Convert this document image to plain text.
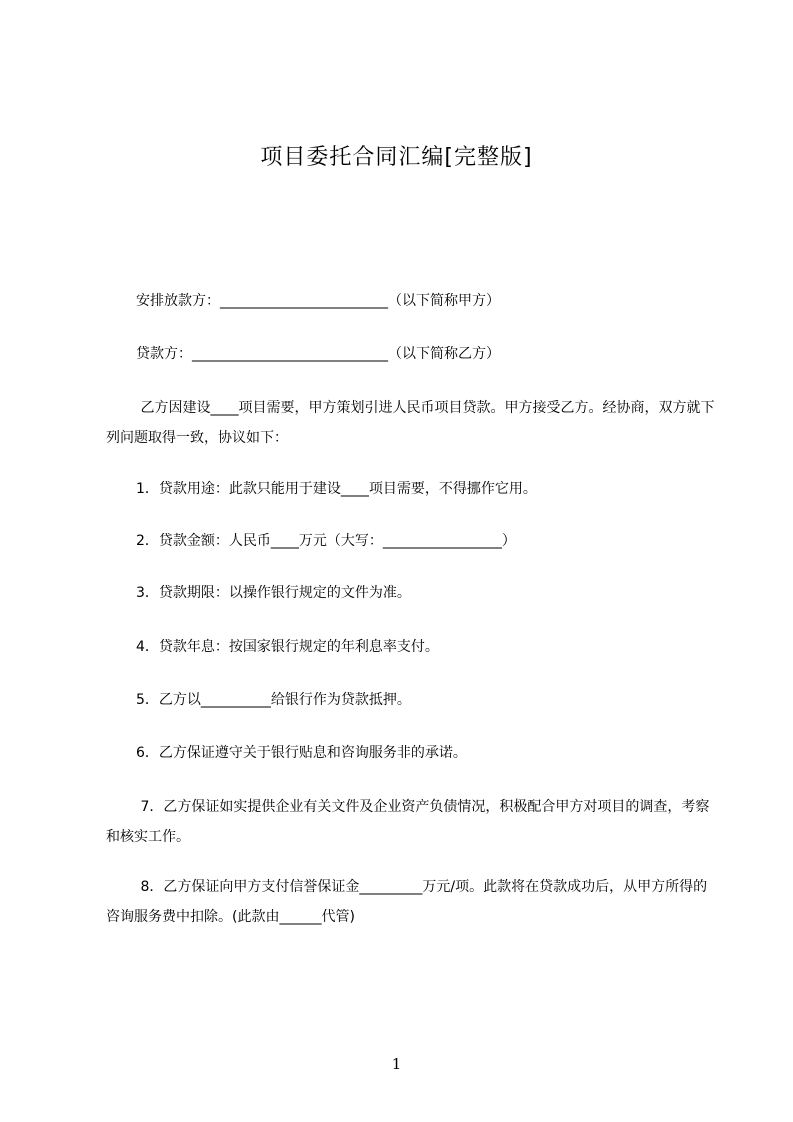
项目委托合同汇编[完整版]
安排放款方：________________________（以下简称甲方）
贷款方：____________________________（以下简称乙方）
乙方因建设____项目需要，甲方策划引进人民币项目贷款。甲方接受乙方。经协商，双方就下列问题取得一致，协议如下：
1．贷款用途：此款只能用于建设____项目需要，不得挪作它用。
2．贷款金额：人民币____万元（大写：_________________）
3．贷款期限：以操作银行规定的文件为准。
4．贷款年息：按国家银行规定的年利息率支付。
5．乙方以__________给银行作为贷款抵押。
6．乙方保证遵守关于银行贴息和咨询服务非的承诺。
7．乙方保证如实提供企业有关文件及企业资产负债情况，积极配合甲方对项目的调查，考察和核实工作。
8．乙方保证向甲方支付信誉保证金_________万元/项。此款将在贷款成功后，从甲方所得的咨询服务费中扣除。(此款由______代管)
1
